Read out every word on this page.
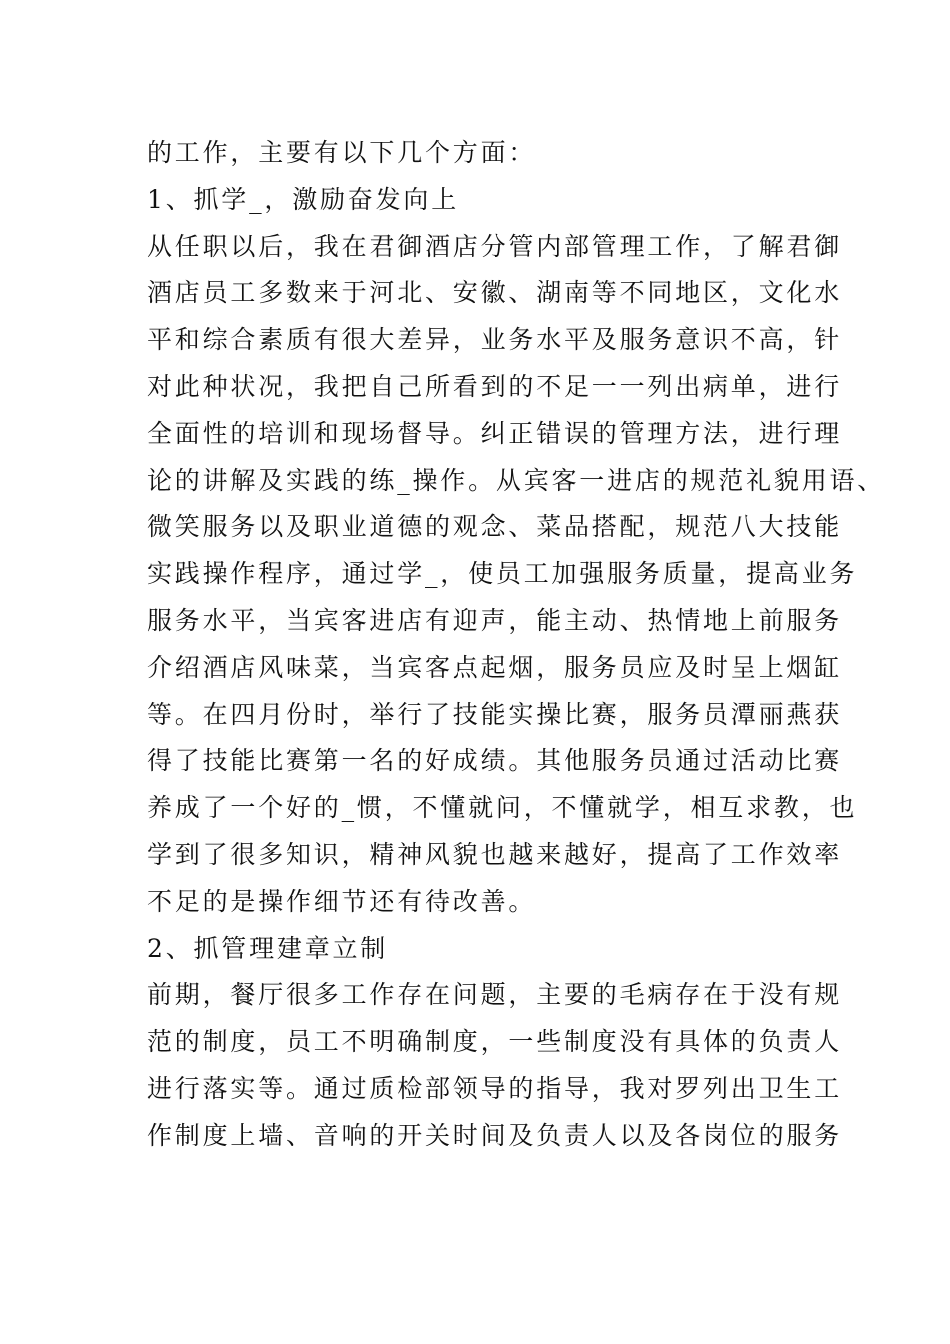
的工作，主要有以下几个方面：
1、抓学_，激励奋发向上
从任职以后，我在君御酒店分管内部管理工作，了解君御
酒店员工多数来于河北、安徽、湖南等不同地区，文化水
平和综合素质有很大差异，业务水平及服务意识不高，针
对此种状况，我把自己所看到的不足一一列出病单，进行
全面性的培训和现场督导。纠正错误的管理方法，进行理
论的讲解及实践的练_操作。从宾客一进店的规范礼貌用语、
微笑服务以及职业道德的观念、菜品搭配，规范八大技能
实践操作程序，通过学_，使员工加强服务质量，提高业务
服务水平，当宾客进店有迎声，能主动、热情地上前服务
介绍酒店风味菜，当宾客点起烟，服务员应及时呈上烟缸
等。在四月份时，举行了技能实操比赛，服务员潭丽燕获
得了技能比赛第一名的好成绩。其他服务员通过活动比赛
养成了一个好的_惯，不懂就问，不懂就学，相互求教，也
学到了很多知识，精神风貌也越来越好，提高了工作效率
不足的是操作细节还有待改善。
2、抓管理建章立制
前期，餐厅很多工作存在问题，主要的毛病存在于没有规
范的制度，员工不明确制度，一些制度没有具体的负责人
进行落实等。通过质检部领导的指导，我对罗列出卫生工
作制度上墙、音响的开关时间及负责人以及各岗位的服务
